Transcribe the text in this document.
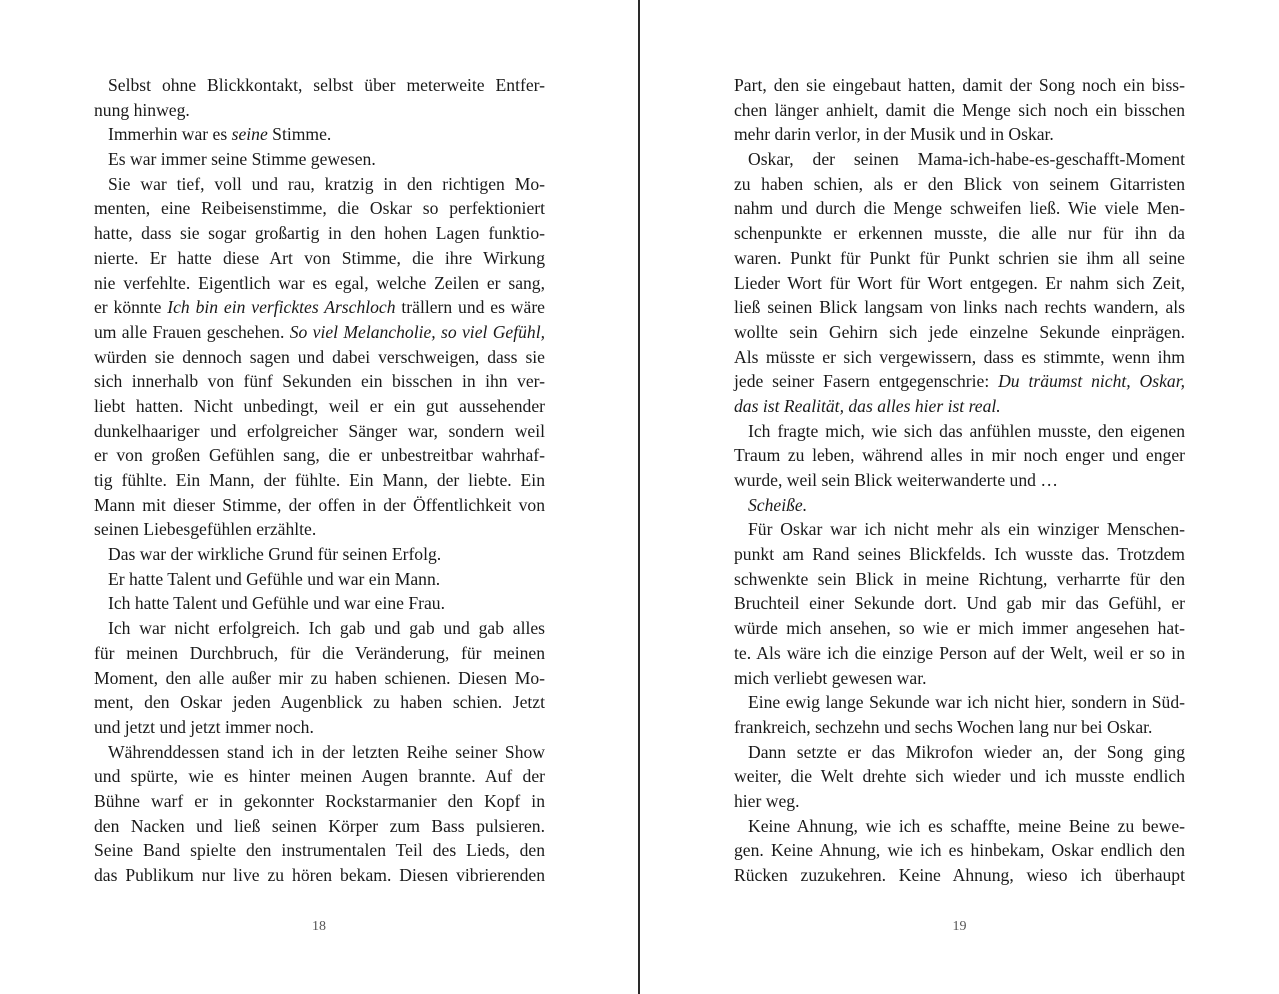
Selbst ohne Blickkontakt, selbst über meterweite Entfer-
nung hinweg.
Immerhin war es seine Stimme.
Es war immer seine Stimme gewesen.
Sie war tief, voll und rau, kratzig in den richtigen Mo-
menten, eine Reibeisenstimme, die Oskar so perfektioniert
hatte, dass sie sogar großartig in den hohen Lagen funktio-
nierte. Er hatte diese Art von Stimme, die ihre Wirkung
nie verfehlte. Eigentlich war es egal, welche Zeilen er sang,
er könnte Ich bin ein verficktes Arschloch trällern und es wäre
um alle Frauen geschehen. So viel Melancholie, so viel Gefühl,
würden sie dennoch sagen und dabei verschweigen, dass sie
sich innerhalb von fünf Sekunden ein bisschen in ihn ver-
liebt hatten. Nicht unbedingt, weil er ein gut aussehender
dunkelhaariger und erfolgreicher Sänger war, sondern weil
er von großen Gefühlen sang, die er unbestreitbar wahrhaf-
tig fühlte. Ein Mann, der fühlte. Ein Mann, der liebte. Ein
Mann mit dieser Stimme, der offen in der Öffentlichkeit von
seinen Liebesgefühlen erzählte.
Das war der wirkliche Grund für seinen Erfolg.
Er hatte Talent und Gefühle und war ein Mann.
Ich hatte Talent und Gefühle und war eine Frau.
Ich war nicht erfolgreich. Ich gab und gab und gab alles
für meinen Durchbruch, für die Veränderung, für meinen
Moment, den alle außer mir zu haben schienen. Diesen Mo-
ment, den Oskar jeden Augenblick zu haben schien. Jetzt
und jetzt und jetzt immer noch.
Währenddessen stand ich in der letzten Reihe seiner Show
und spürte, wie es hinter meinen Augen brannte. Auf der
Bühne warf er in gekonnter Rockstarmanier den Kopf in
den Nacken und ließ seinen Körper zum Bass pulsieren.
Seine Band spielte den instrumentalen Teil des Lieds, den
das Publikum nur live zu hören bekam. Diesen vibrierenden
18
Part, den sie eingebaut hatten, damit der Song noch ein biss-
chen länger anhielt, damit die Menge sich noch ein bisschen
mehr darin verlor, in der Musik und in Oskar.
Oskar, der seinen Mama-ich-habe-es-geschafft-Moment
zu haben schien, als er den Blick von seinem Gitarristen
nahm und durch die Menge schweifen ließ. Wie viele Men-
schenpunkte er erkennen musste, die alle nur für ihn da
waren. Punkt für Punkt für Punkt schrien sie ihm all seine
Lieder Wort für Wort für Wort entgegen. Er nahm sich Zeit,
ließ seinen Blick langsam von links nach rechts wandern, als
wollte sein Gehirn sich jede einzelne Sekunde einprägen.
Als müsste er sich vergewissern, dass es stimmte, wenn ihm
jede seiner Fasern entgegenschrie: Du träumst nicht, Oskar,
das ist Realität, das alles hier ist real.
Ich fragte mich, wie sich das anfühlen musste, den eigenen
Traum zu leben, während alles in mir noch enger und enger
wurde, weil sein Blick weiterwanderte und …
Scheiße.
Für Oskar war ich nicht mehr als ein winziger Menschen-
punkt am Rand seines Blickfelds. Ich wusste das. Trotzdem
schwenkte sein Blick in meine Richtung, verharrte für den
Bruchteil einer Sekunde dort. Und gab mir das Gefühl, er
würde mich ansehen, so wie er mich immer angesehen hat-
te. Als wäre ich die einzige Person auf der Welt, weil er so in
mich verliebt gewesen war.
Eine ewig lange Sekunde war ich nicht hier, sondern in Süd-
frankreich, sechzehn und sechs Wochen lang nur bei Oskar.
Dann setzte er das Mikrofon wieder an, der Song ging
weiter, die Welt drehte sich wieder und ich musste endlich
hier weg.
Keine Ahnung, wie ich es schaffte, meine Beine zu bewe-
gen. Keine Ahnung, wie ich es hinbekam, Oskar endlich den
Rücken zuzukehren. Keine Ahnung, wieso ich überhaupt
19
